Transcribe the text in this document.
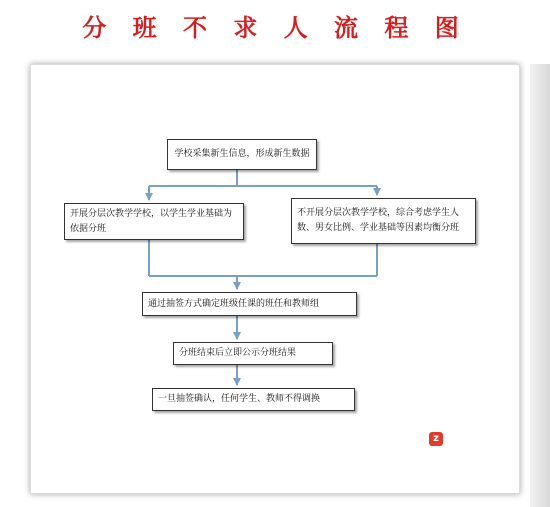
分 班 不 求 人 流 程 图
学校采集新生信息，形成新生数据
开展分层次教学学校，以学生学业基础为依据分班
不开展分层次教学学校，综合考虑学生人数、男女比例、学业基础等因素均衡分班
通过抽签方式确定班级任课的班任和教师组
分班结束后立即公示分班结果
一旦抽签确认，任何学生、教师不得调换
z
